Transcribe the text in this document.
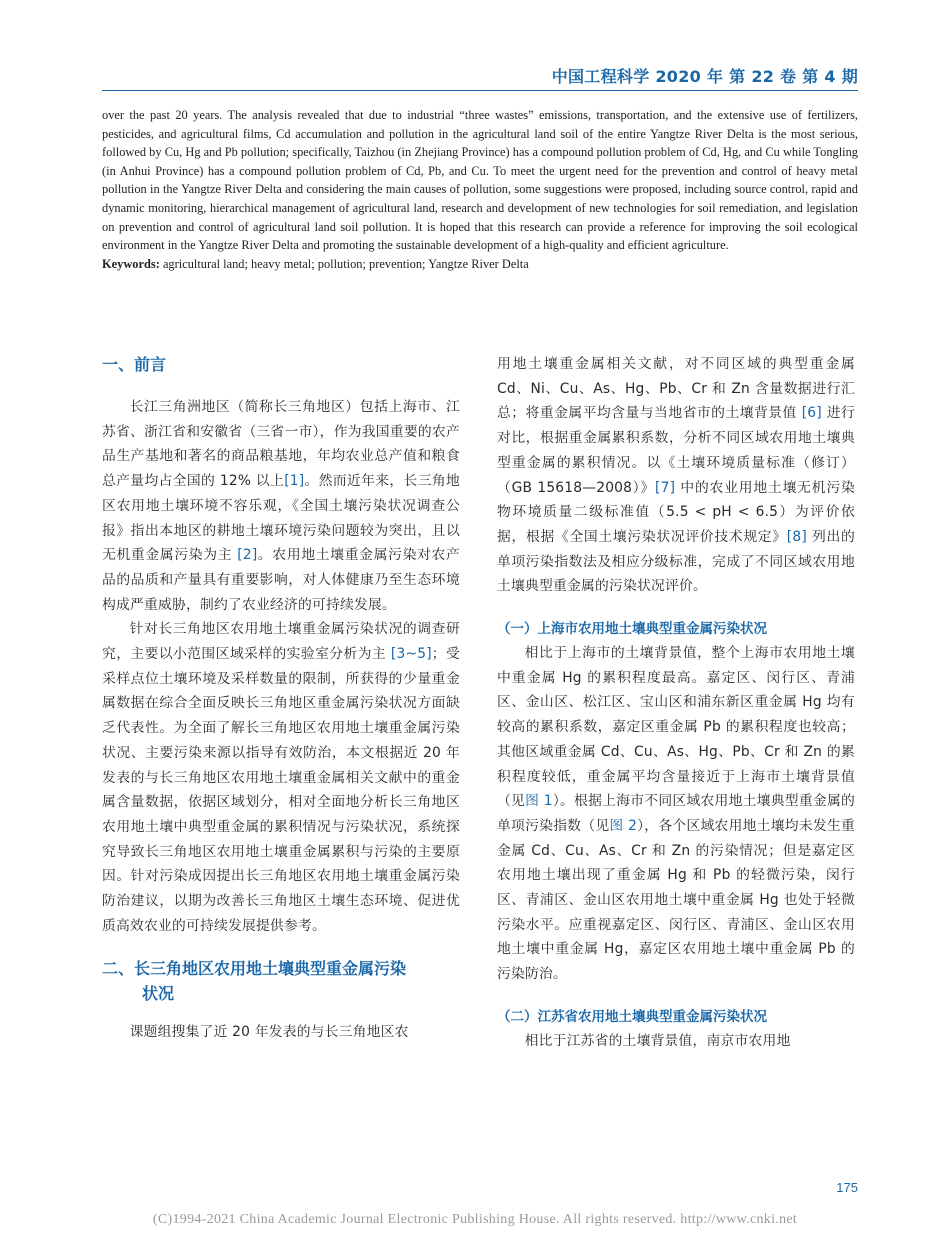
中国工程科学 2020 年 第 22 卷 第 4 期

over the past 20 years. The analysis revealed that due to industrial “three wastes” emissions, transportation, and the extensive use of fertilizers, pesticides, and agricultural films, Cd accumulation and pollution in the agricultural land soil of the entire Yangtze River Delta is the most serious, followed by Cu, Hg and Pb pollution; specifically, Taizhou (in Zhejiang Province) has a compound pollution problem of Cd, Hg, and Cu while Tongling (in Anhui Province) has a compound pollution problem of Cd, Pb, and Cu. To meet the urgent need for the prevention and control of heavy metal pollution in the Yangtze River Delta and considering the main causes of pollution, some suggestions were proposed, including source control, rapid and dynamic monitoring, hierarchical management of agricultural land, research and development of new technologies for soil remediation, and legislation on prevention and control of agricultural land soil pollution. It is hoped that this research can provide a reference for improving the soil ecological environment in the Yangtze River Delta and promoting the sustainable development of a high-quality and efficient agriculture.

Keywords: agricultural land; heavy metal; pollution; prevention; Yangtze River Delta

一、前言

长江三角洲地区（简称长三角地区）包括上海市、江苏省、浙江省和安徽省（三省一市），作为我国重要的农产品生产基地和著名的商品粮基地，年均农业总产值和粮食总产量均占全国的 12% 以上[1]。然而近年来，长三角地区农用地土壤环境不容乐观，《全国土壤污染状况调查公报》指出本地区的耕地土壤环境污染问题较为突出，且以无机重金属污染为主 [2]。农用地土壤重金属污染对农产品的品质和产量具有重要影响，对人体健康乃至生态环境构成严重威胁，制约了农业经济的可持续发展。

针对长三角地区农用地土壤重金属污染状况的调查研究，主要以小范围区域采样的实验室分析为主 [3~5]；受采样点位土壤环境及采样数量的限制，所获得的少量重金属数据在综合全面反映长三角地区重金属污染状况方面缺乏代表性。为全面了解长三角地区农用地土壤重金属污染状况、主要污染来源以指导有效防治，本文根据近 20 年发表的与长三角地区农用地土壤重金属相关文献中的重金属含量数据，依据区域划分，相对全面地分析长三角地区农用地土壤中典型重金属的累积情况与污染状况，系统探究导致长三角地区农用地土壤重金属累积与污染的主要原因。针对污染成因提出长三角地区农用地土壤重金属污染防治建议，以期为改善长三角地区土壤生态环境、促进优质高效农业的可持续发展提供参考。

二、长三角地区农用地土壤典型重金属污染
状况

课题组搜集了近 20 年发表的与长三角地区农

用地土壤重金属相关文献，对不同区域的典型重金属 Cd、Ni、Cu、As、Hg、Pb、Cr 和 Zn 含量数据进行汇总；将重金属平均含量与当地省市的土壤背景值 [6] 进行对比，根据重金属累积系数，分析不同区域农用地土壤典型重金属的累积情况。以《土壤环境质量标准（修订）（GB 15618—2008）》[7] 中的农业用地土壤无机污染物环境质量二级标准值（5.5 < pH < 6.5）为评价依据，根据《全国土壤污染状况评价技术规定》[8] 列出的单项污染指数法及相应分级标准，完成了不同区域农用地土壤典型重金属的污染状况评价。

（一）上海市农用地土壤典型重金属污染状况

相比于上海市的土壤背景值，整个上海市农用地土壤中重金属 Hg 的累积程度最高。嘉定区、闵行区、青浦区、金山区、松江区、宝山区和浦东新区重金属 Hg 均有较高的累积系数，嘉定区重金属 Pb 的累积程度也较高；其他区域重金属 Cd、Cu、As、Hg、Pb、Cr 和 Zn 的累积程度较低，重金属平均含量接近于上海市土壤背景值（见图 1）。根据上海市不同区域农用地土壤典型重金属的单项污染指数（见图 2），各个区域农用地土壤均未发生重金属 Cd、Cu、As、Cr 和 Zn 的污染情况；但是嘉定区农用地土壤出现了重金属 Hg 和 Pb 的轻微污染，闵行区、青浦区、金山区农用地土壤中重金属 Hg 也处于轻微污染水平。应重视嘉定区、闵行区、青浦区、金山区农用地土壤中重金属 Hg，嘉定区农用地土壤中重金属 Pb 的污染防治。

（二）江苏省农用地土壤典型重金属污染状况

相比于江苏省的土壤背景值，南京市农用地

175
(C)1994-2021 China Academic Journal Electronic Publishing House. All rights reserved. http://www.cnki.net
